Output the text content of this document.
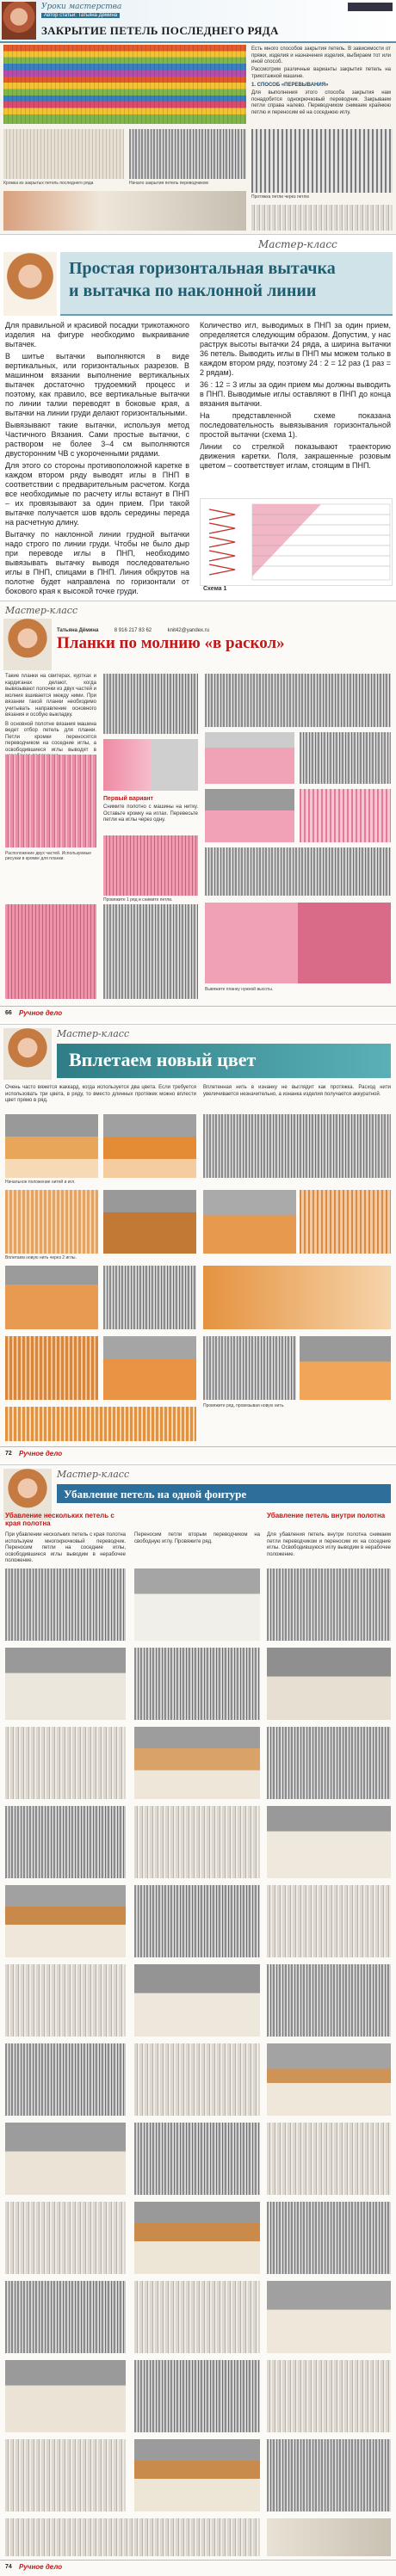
Уроки мастерства
Автор статьи: Татьяна Дёмина
ЗАКРЫТИЕ ПЕТЕЛЬ ПОСЛЕДНЕГО РЯДА
Есть много способов закрытия петель. В зависимости от пряжи, изделия и назначения изделия, выбираем тот или иной способ.
Рассмотрим различные варианты закрытия петель на трикотажной машине.
1. СПОСОБ «ПЕРЕВЫВАНИЯ»
Для выполнения этого способа закрытия нам понадобится однокрючковый переводчик. Закрываем петли справа налево. Переводчиком снимаем крайнюю петлю и переносим её на соседнюю иглу.
Кромка из закрытых петель последнего ряда	Начало закрытия петель переводчиком
Протяжка петли через петлю
Мастер-класс
Простая горизонтальная вытачка
и вытачка по наклонной линии

Для правильной и красивой посадки трикотажного изделия на фигуре необходимо выкраивание вытачек.

В шитье вытачки выполняются в виде вертикальных, или горизонтальных разрезов. В машинном вязании выполнение вертикальных вытачек достаточно трудоемкий процесс и поэтому, как правило, все вертикальные вытачки по линии талии переводят в боковые края, а вытачки на линии груди делают горизонтальными.

Вывязывают такие вытачки, используя метод Частичного Вязания. Сами простые вытачки, с раствором не более 3–4 см выполняются двусторонним ЧВ с укороченными рядами.

Для этого со стороны противоположной каретке в каждом втором ряду выводят иглы в ПНП в соответствии с предварительным расчетом. Когда все необходимые по расчету иглы встанут в ПНП – их провязывают за один прием. При такой вытачке получается шов вдоль середины переда на расчетную длину.

Вытачку по наклонной линии грудной вытачки надо строго по линии груди. Чтобы не было дыр при переводе иглы в ПНП, необходимо вывязывать вытачку выводя последовательно иглы в ПНП, спицами в ПНП. Линия обкрутов на полотне будет направлена по горизонтали от бокового края к высокой точке груди.

Количество игл, выводимых в ПНП за один прием, определяется следующим образом. Допустим, у нас раструк высоты вытачки 24 ряда, а ширина вытачки 36 петель. Выводить иглы в ПНП мы можем только в каждом втором ряду, поэтому 24 : 2 = 12 раз (1 раз = 2 рядам).

36 : 12 = 3 иглы за один прием мы должны выводить в ПНП. Выводимые иглы оставляют в ПНП до конца вязания вытачки.

На представленной схеме показана последовательность вывязывания горизонтальной простой вытачки (схема 1).

Линии со стрелкой показывают траекторию движения каретки. Поля, закрашенные розовым цветом – соответствует иглам, стоящим в ПНП.

Схема 1
Мастер-класс
Татьяна Дёмина	8 916 217 83 62	knit42@yandex.ru
Планки по молнию «в раскол»

Такие планки на свитерах, куртках и кардиганах делают, когда вывязывают полочки из двух частей и молния вшивается между ними. При вязании такой планки необходимо учитывать направление основного вязания и особую выкладку.

В основной полотне вязания машина ведет отбор петель для планки. Петли кромки переносятся переводчиком на соседние иглы, а освободившиеся иглы выводят в

Расположение двух частей. Используемые рисунки в кромке для планки.
Первый вариант
Снимите полотно с машины на нитку. Оставьте кромку на иглах. Перевесьте петли на иглы через одну.
Провяжите 1 ряд и снимите петли.
Вывяжите планку нужной высоты.
66 Ручное дело
Мастер-класс
Вплетаем новый цвет
Очень часто вяжется жаккард, когда используется два цвета. Если требуется использовать три цвета, в ряду, то вместо длинных протяжек можно вплести цвет прямо в ряд.
Вплетенная нить в изнанку не выглядит как протяжка. Расход нити увеличивается незначительно, а изнанка изделия получается аккуратной.
Начальное положение нитей и игл.
Вплетаем новую нить через 2 иглы.
Провяжите ряд, провязывая новую нить.
72 Ручное дело
Мастер-класс
Убавление петель на одной фонтуре
Убавление нескольких петель с края полотна
Убавление петель внутри полотна
При убавлении нескольких петель с края полотна используем многокрючковый переводчик. Переносим петли на соседние иглы, освободившиеся иглы выводим в нерабочее положение.
Переносим петли вторым переводчиком на свободную иглу. Провяжите ряд.
Для убавления петель внутри полотна снимаем петли переводчиком и переносим их на соседние иглы. Освободившуюся иглу выводим в нерабочее положение.
74 Ручное дело
